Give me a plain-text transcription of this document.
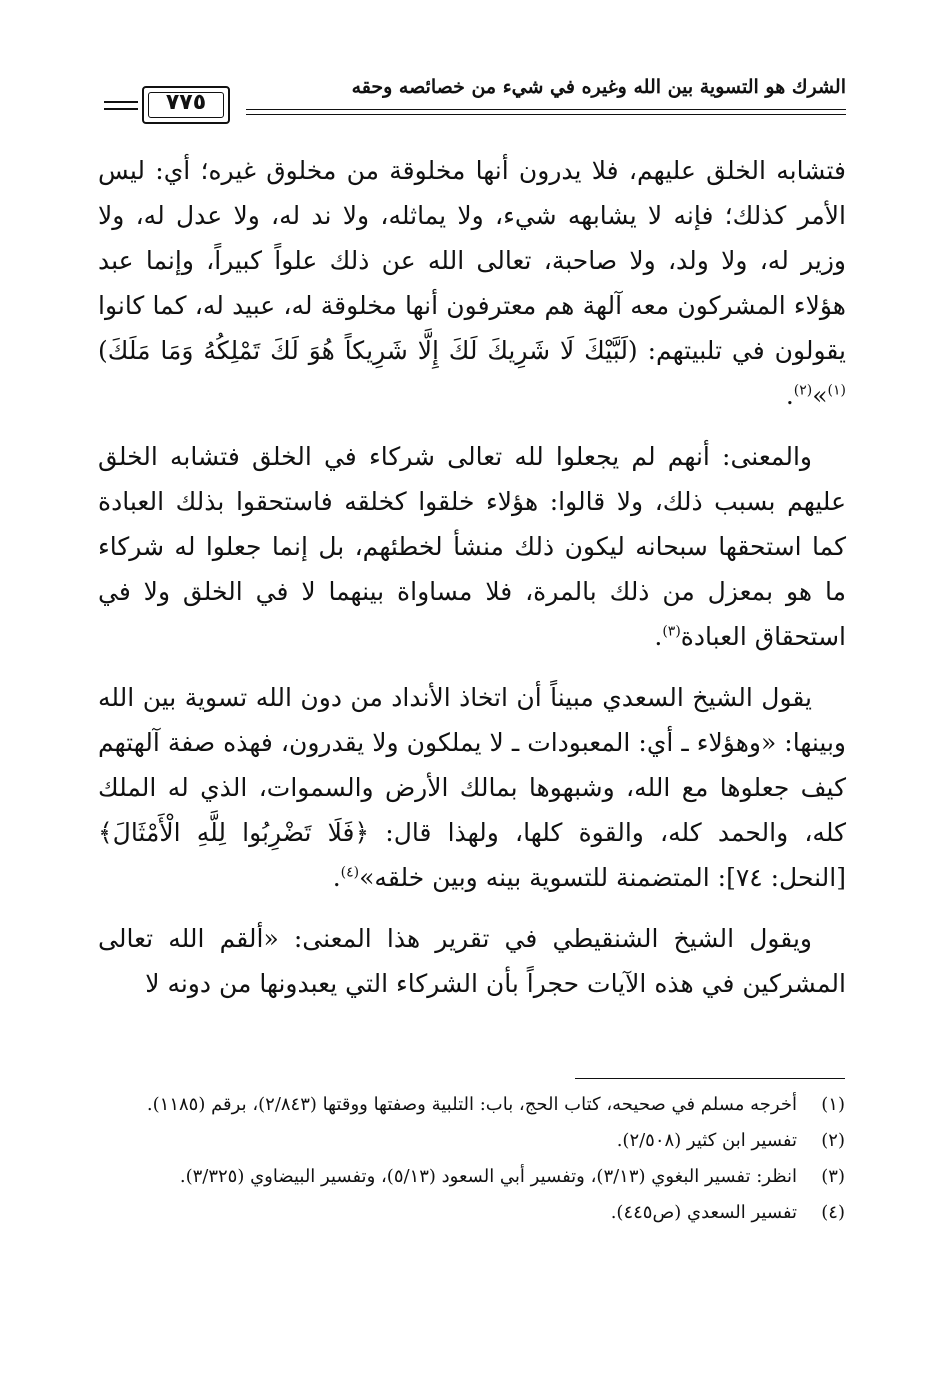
الشرك هو التسوية بين الله وغيره في شيء من خصائصه وحقه
٧٧٥

فتشابه الخلق عليهم، فلا يدرون أنها مخلوقة من مخلوق غيره؛ أي: ليس الأمر كذلك؛ فإنه لا يشابهه شيء، ولا يماثله، ولا ند له، ولا عدل له، ولا وزير له، ولا ولد، ولا صاحبة، تعالى الله عن ذلك علواً كبيراً، وإنما عبد هؤلاء المشركون معه آلهة هم معترفون أنها مخلوقة له، عبيد له، كما كانوا يقولون في تلبيتهم: (لَبَّيْكَ لَا شَرِيكَ لَكَ إِلَّا شَرِيكاً هُوَ لَكَ تَمْلِكُهُ وَمَا مَلَكَ)$^{(١)}$»$^{(٢)}$.

والمعنى: أنهم لم يجعلوا لله تعالى شركاء في الخلق فتشابه الخلق عليهم بسبب ذلك، ولا قالوا: هؤلاء خلقوا كخلقه فاستحقوا بذلك العبادة كما استحقها سبحانه ليكون ذلك منشأ لخطئهم، بل إنما جعلوا له شركاء ما هو بمعزل من ذلك بالمرة، فلا مساواة بينهما لا في الخلق ولا في استحقاق العبادة$^{(٣)}$.

يقول الشيخ السعدي مبيناً أن اتخاذ الأنداد من دون الله تسوية بين الله وبينها: «وهؤلاء ـ أي: المعبودات ـ لا يملكون ولا يقدرون، فهذه صفة آلهتهم كيف جعلوها مع الله، وشبهوها بمالك الأرض والسموات، الذي له الملك كله، والحمد كله، والقوة كلها، ولهذا قال: ﴿فَلَا تَضْرِبُوا لِلَّهِ الْأَمْثَالَ﴾ [النحل: ٧٤]: المتضمنة للتسوية بينه وبين خلقه»$^{(٤)}$.

ويقول الشيخ الشنقيطي في تقرير هذا المعنى: «ألقم الله تعالى المشركين في هذه الآيات حجراً بأن الشركاء التي يعبدونها من دونه لا

(١)
أخرجه مسلم في صحيحه، كتاب الحج، باب: التلبية وصفتها ووقتها (٢/٨٤٣)، برقم (١١٨٥).
(٢)
تفسير ابن كثير (٢/٥٠٨).
(٣)
انظر: تفسير البغوي (٣/١٣)، وتفسير أبي السعود (٥/١٣)، وتفسير البيضاوي (٣/٣٢٥).
(٤)
تفسير السعدي (ص٤٤٥).
